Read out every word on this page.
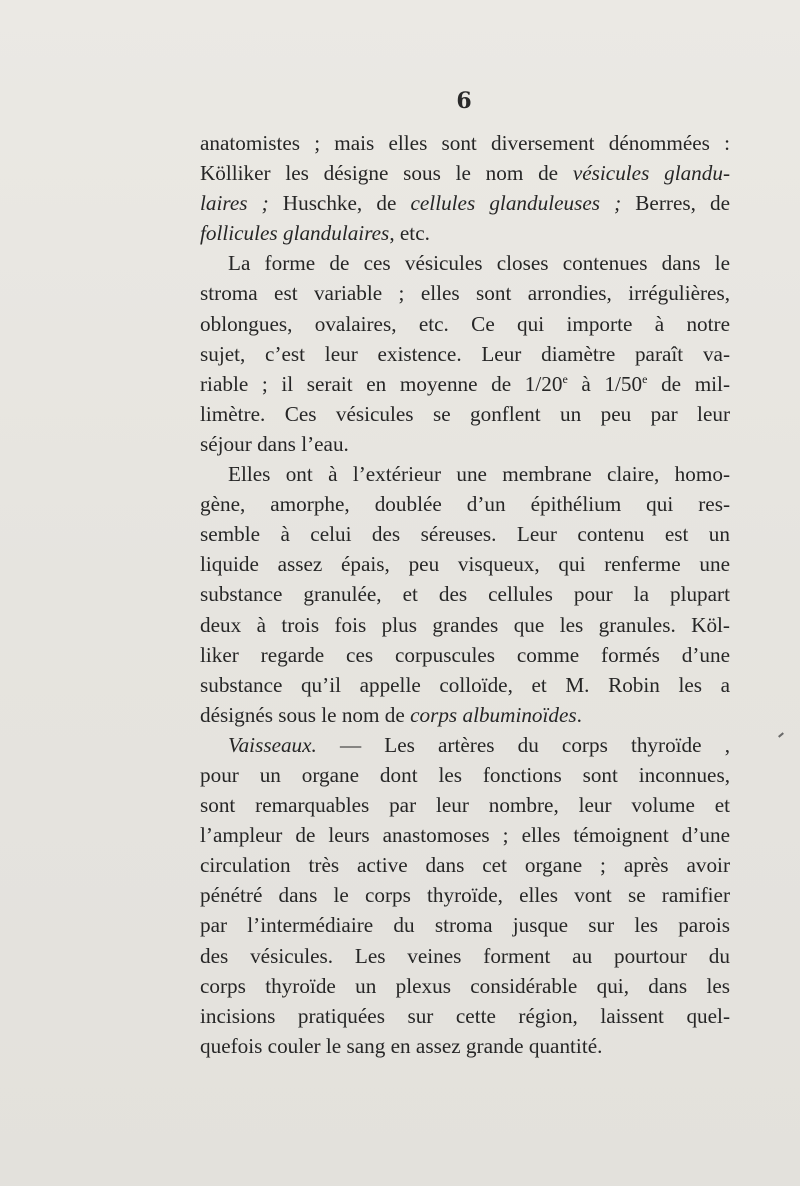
6
anatomistes ; mais elles sont diversement dénommées :
Kölliker les désigne sous le nom de vésicules glandu-
laires ; Huschke, de cellules glanduleuses ; Berres, de
follicules glandulaires, etc.
La forme de ces vésicules closes contenues dans le
stroma est variable ; elles sont arrondies, irrégulières,
oblongues, ovalaires, etc. Ce qui importe à notre
sujet, c’est leur existence. Leur diamètre paraît va-
riable ; il serait en moyenne de 1/20e à 1/50e de mil-
limètre. Ces vésicules se gonflent un peu par leur
séjour dans l’eau.
Elles ont à l’extérieur une membrane claire, homo-
gène, amorphe, doublée d’un épithélium qui res-
semble à celui des séreuses. Leur contenu est un
liquide assez épais, peu visqueux, qui renferme une
substance granulée, et des cellules pour la plupart
deux à trois fois plus grandes que les granules. Köl-
liker regarde ces corpuscules comme formés d’une
substance qu’il appelle colloïde, et M. Robin les a
désignés sous le nom de corps albuminoïdes.
Vaisseaux. — Les artères du corps thyroïde ,
pour un organe dont les fonctions sont inconnues,
sont remarquables par leur nombre, leur volume et
l’ampleur de leurs anastomoses ; elles témoignent d’une
circulation très active dans cet organe ; après avoir
pénétré dans le corps thyroïde, elles vont se ramifier
par l’intermédiaire du stroma jusque sur les parois
des vésicules. Les veines forment au pourtour du
corps thyroïde un plexus considérable qui, dans les
incisions pratiquées sur cette région, laissent quel-
quefois couler le sang en assez grande quantité.
